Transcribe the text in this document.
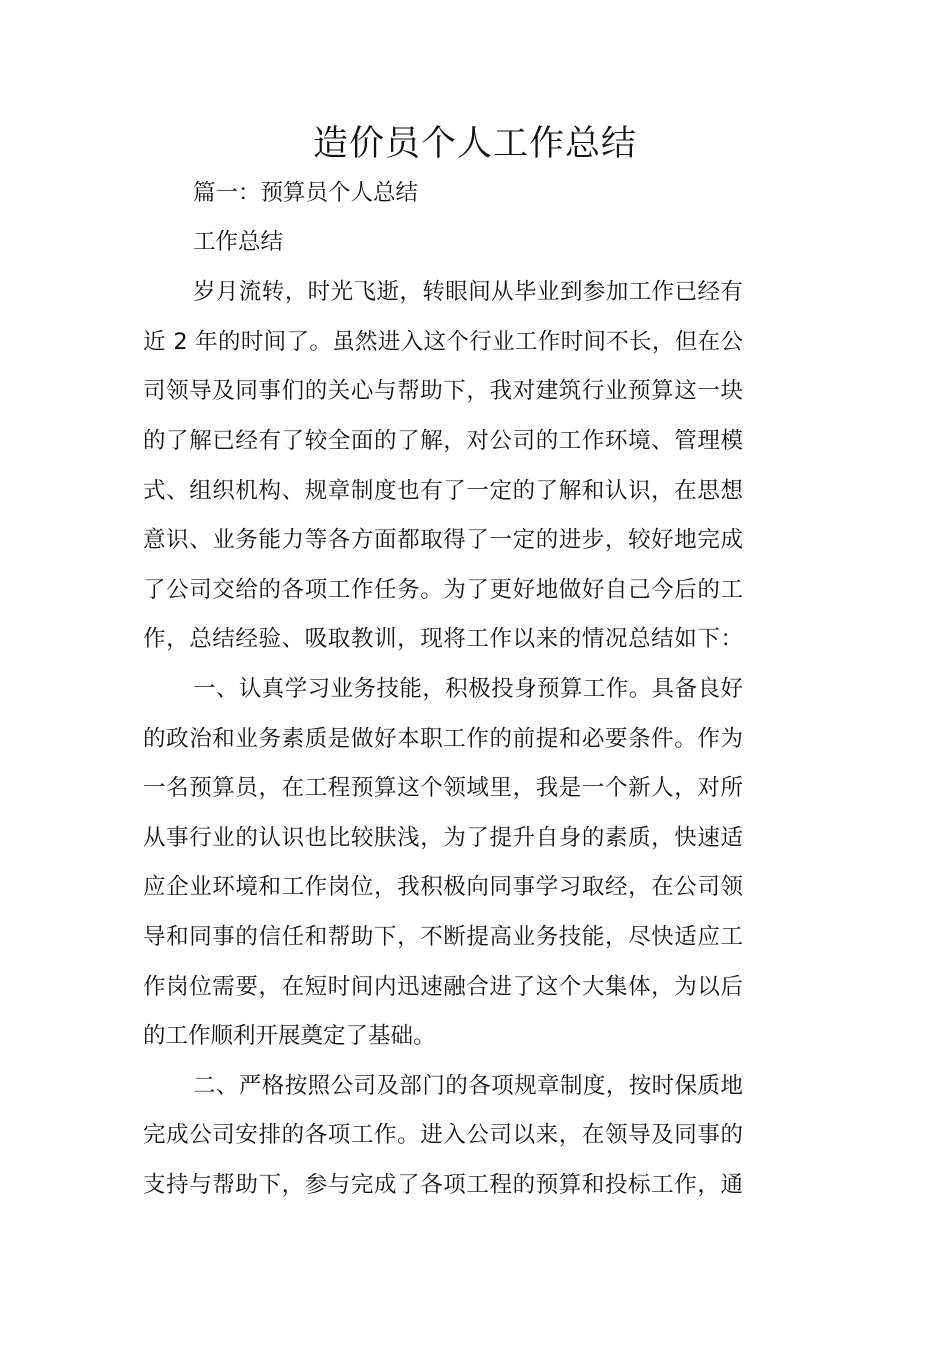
造价员个人工作总结
篇一：预算员个人总结
工作总结
岁月流转，时光飞逝，转眼间从毕业到参加工作已经有
近 2 年的时间了。虽然进入这个行业工作时间不长，但在公
司领导及同事们的关心与帮助下，我对建筑行业预算这一块
的了解已经有了较全面的了解，对公司的工作环境、管理模
式、组织机构、规章制度也有了一定的了解和认识，在思想
意识、业务能力等各方面都取得了一定的进步，较好地完成
了公司交给的各项工作任务。为了更好地做好自己今后的工
作，总结经验、吸取教训，现将工作以来的情况总结如下：
一、认真学习业务技能，积极投身预算工作。具备良好
的政治和业务素质是做好本职工作的前提和必要条件。作为
一名预算员，在工程预算这个领域里，我是一个新人，对所
从事行业的认识也比较肤浅，为了提升自身的素质，快速适
应企业环境和工作岗位，我积极向同事学习取经，在公司领
导和同事的信任和帮助下，不断提高业务技能，尽快适应工
作岗位需要，在短时间内迅速融合进了这个大集体，为以后
的工作顺利开展奠定了基础。
二、严格按照公司及部门的各项规章制度，按时保质地
完成公司安排的各项工作。进入公司以来，在领导及同事的
支持与帮助下，参与完成了各项工程的预算和投标工作，通
